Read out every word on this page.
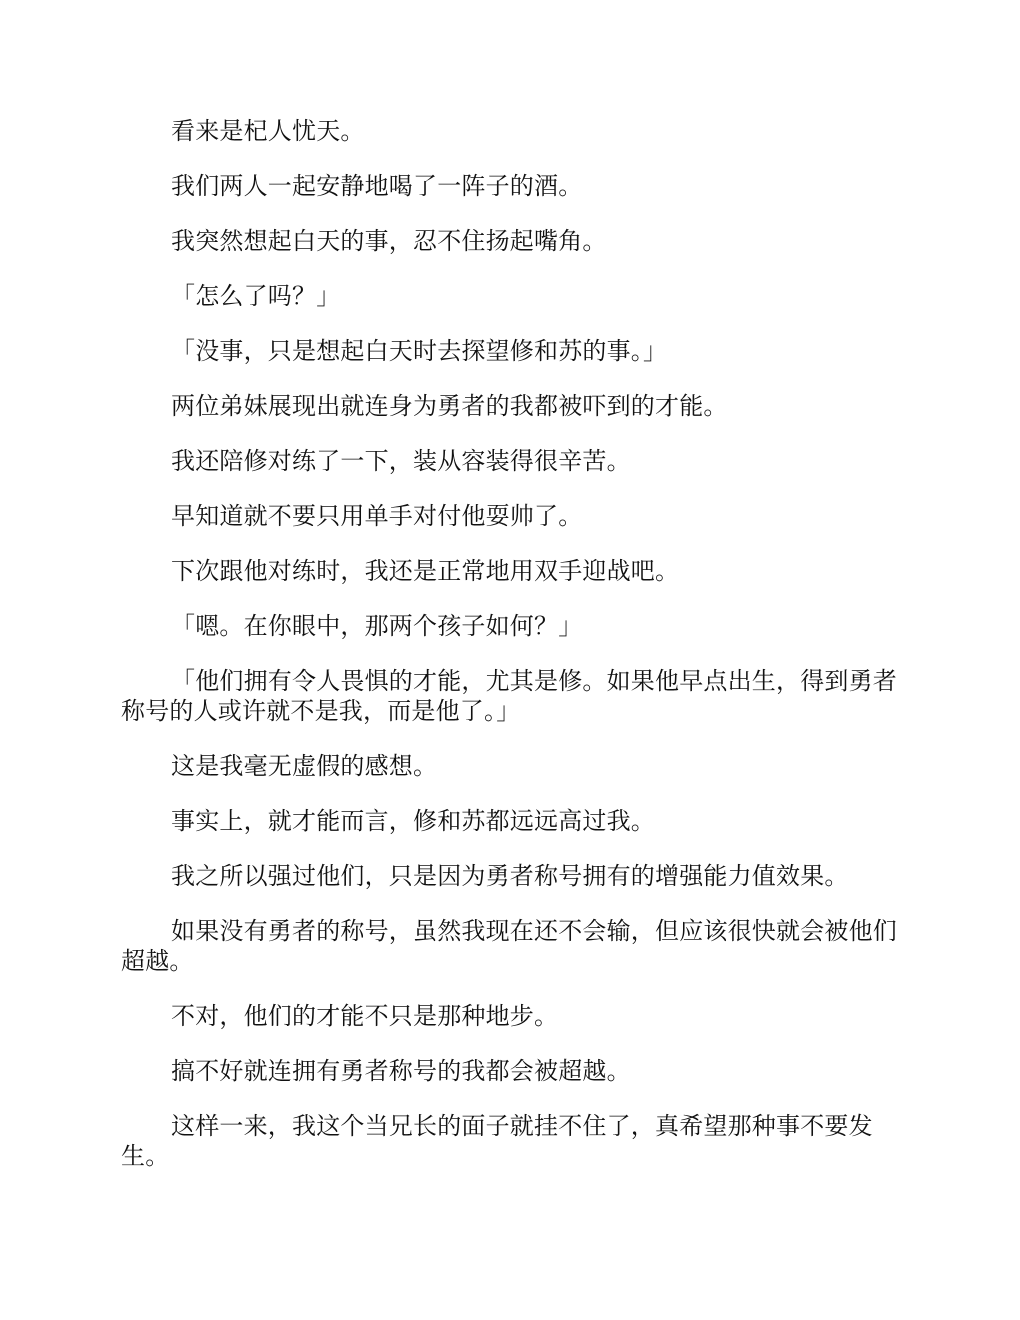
看来是杞人忧天。

我们两人一起安静地喝了一阵子的酒。

我突然想起白天的事，忍不住扬起嘴角。

「怎么了吗？」

「没事，只是想起白天时去探望修和苏的事。」

两位弟妹展现出就连身为勇者的我都被吓到的才能。

我还陪修对练了一下，装从容装得很辛苦。

早知道就不要只用单手对付他耍帅了。

下次跟他对练时，我还是正常地用双手迎战吧。

「嗯。在你眼中，那两个孩子如何？」

「他们拥有令人畏惧的才能，尤其是修。如果他早点出生，得到勇者称号的人或许就不是我，而是他了。」

这是我毫无虚假的感想。

事实上，就才能而言，修和苏都远远高过我。

我之所以强过他们，只是因为勇者称号拥有的增强能力值效果。

如果没有勇者的称号，虽然我现在还不会输，但应该很快就会被他们超越。

不对，他们的才能不只是那种地步。

搞不好就连拥有勇者称号的我都会被超越。

这样一来，我这个当兄长的面子就挂不住了，真希望那种事不要发生。
